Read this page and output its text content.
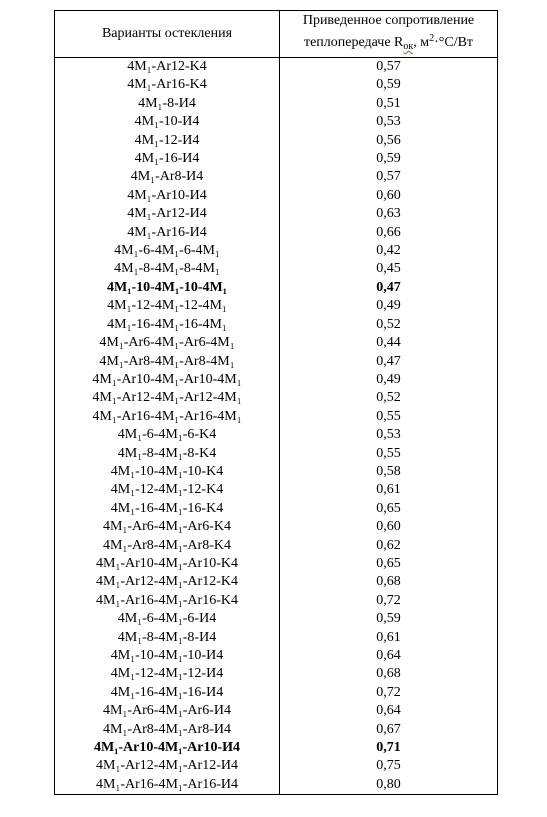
Варианты остекления	Приведенное сопротивление
теплопередаче $R_{ок}$, $м^2\cdot^\circ С/Вт$
4M₁-Ar12-K4	0,57
4M₁-Ar16-K4	0,59
4M₁-8-И4	0,51
4M₁-10-И4	0,53
4M₁-12-И4	0,56
4M₁-16-И4	0,59
4M₁-Ar8-И4	0,57
4M₁-Ar10-И4	0,60
4M₁-Ar12-И4	0,63
4M₁-Ar16-И4	0,66
4M₁-6-4M₁-6-4M₁	0,42
4M₁-8-4M₁-8-4M₁	0,45
4M₁-10-4M₁-10-4M₁	0,47
4M₁-12-4M₁-12-4M₁	0,49
4M₁-16-4M₁-16-4M₁	0,52
4M₁-Ar6-4M₁-Ar6-4M₁	0,44
4M₁-Ar8-4M₁-Ar8-4M₁	0,47
4M₁-Ar10-4M₁-Ar10-4M₁	0,49
4M₁-Ar12-4M₁-Ar12-4M₁	0,52
4M₁-Ar16-4M₁-Ar16-4M₁	0,55
4M₁-6-4M₁-6-K4	0,53
4M₁-8-4M₁-8-K4	0,55
4M₁-10-4M₁-10-K4	0,58
4M₁-12-4M₁-12-K4	0,61
4M₁-16-4M₁-16-K4	0,65
4M₁-Ar6-4M₁-Ar6-K4	0,60
4M₁-Ar8-4M₁-Ar8-K4	0,62
4M₁-Ar10-4M₁-Ar10-K4	0,65
4M₁-Ar12-4M₁-Ar12-K4	0,68
4M₁-Ar16-4M₁-Ar16-K4	0,72
4M₁-6-4M₁-6-И4	0,59
4M₁-8-4M₁-8-И4	0,61
4M₁-10-4M₁-10-И4	0,64
4M₁-12-4M₁-12-И4	0,68
4M₁-16-4M₁-16-И4	0,72
4M₁-Ar6-4M₁-Ar6-И4	0,64
4M₁-Ar8-4M₁-Ar8-И4	0,67
4M₁-Ar10-4M₁-Ar10-И4	0,71
4M₁-Ar12-4M₁-Ar12-И4	0,75
4M₁-Ar16-4M₁-Ar16-И4	0,80
